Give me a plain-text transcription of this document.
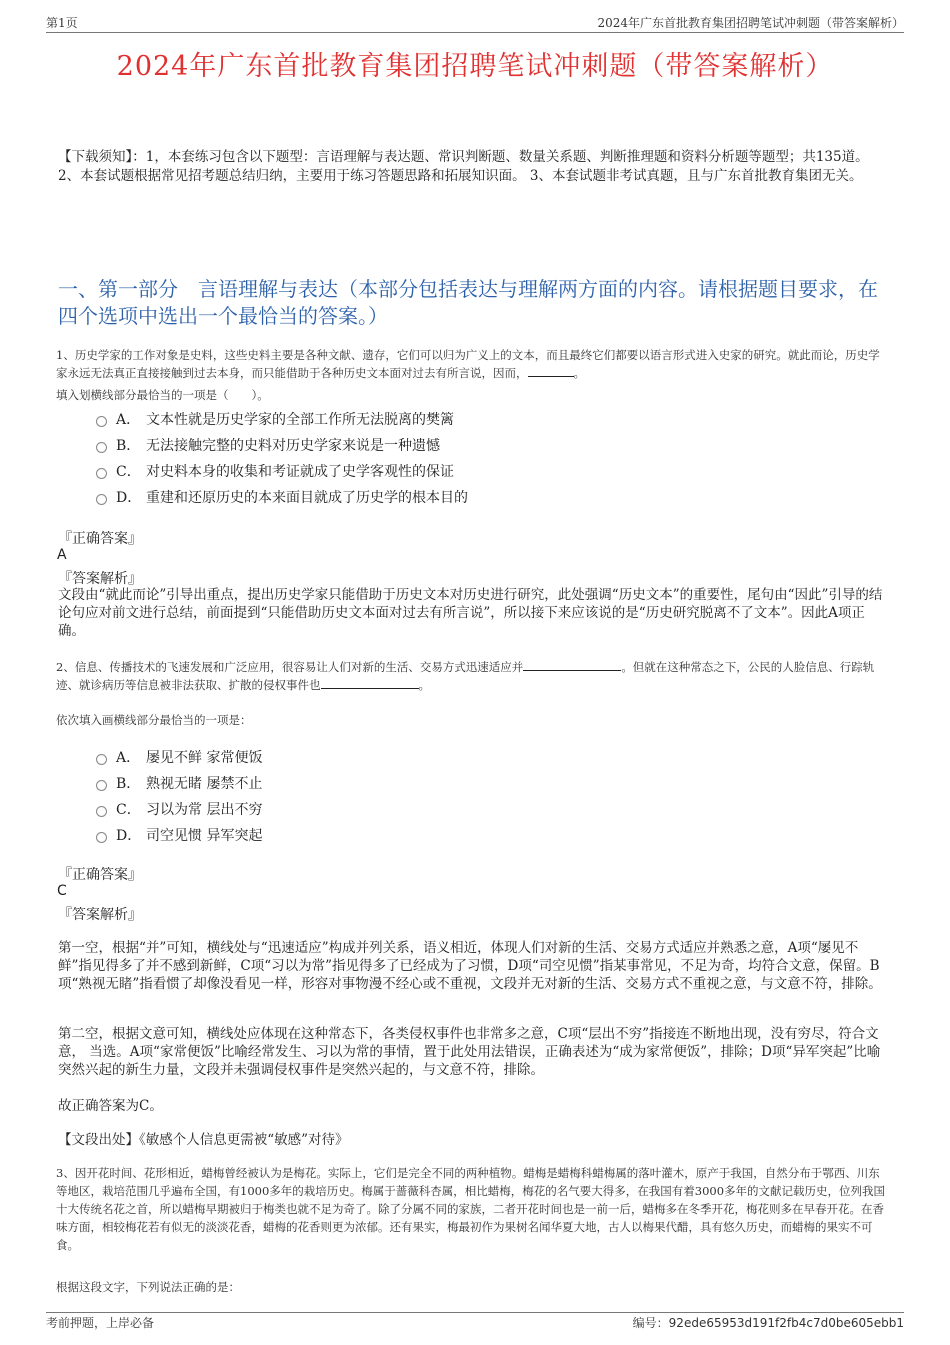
第1页	2024年广东首批教育集团招聘笔试冲刺题（带答案解析）
2024年广东首批教育集团招聘笔试冲刺题（带答案解析）
【下载须知】：1，本套练习包含以下题型：言语理解与表达题、常识判断题、数量关系题、判断推理题和资料分析题等题型；共135道。 2、本套试题根据常见招考题总结归纳，主要用于练习答题思路和拓展知识面。 3、本套试题非考试真题，且与广东首批教育集团无关。
一、第一部分　言语理解与表达（本部分包括表达与理解两方面的内容。请根据题目要求，在四个选项中选出一个最恰当的答案。）
1、历史学家的工作对象是史料，这些史料主要是各种文献、遗存，它们可以归为广义上的文本，而且最终它们都要以语言形式进入史家的研究。就此而论，历史学家永远无法真正直接接触到过去本身，而只能借助于各种历史文本面对过去有所言说，因而，	。
填入划横线部分最恰当的一项是（　　）。
A． 文本性就是历史学家的全部工作所无法脱离的樊篱
B． 无法接触完整的史料对历史学家来说是一种遗憾
C． 对史料本身的收集和考证就成了史学客观性的保证
D． 重建和还原历史的本来面目就成了历史学的根本目的
『正确答案』
A
『答案解析』
文段由“就此而论”引导出重点，提出历史学家只能借助于历史文本对历史进行研究，此处强调“历史文本”的重要性，尾句由“因此”引导的结论句应对前文进行总结，前面提到“只能借助历史文本面对过去有所言说”，所以接下来应该说的是“历史研究脱离不了文本”。因此A项正确。
2、信息、传播技术的飞速发展和广泛应用，很容易让人们对新的生活、交易方式迅速适应并	。但就在这种常态之下，公民的人脸信息、行踪轨迹、就诊病历等信息被非法获取、扩散的侵权事件也	。
依次填入画横线部分最恰当的一项是：
A． 屡见不鲜 家常便饭
B． 熟视无睹 屡禁不止
C． 习以为常 层出不穷
D． 司空见惯 异军突起
『正确答案』
C
『答案解析』
第一空，根据“并”可知，横线处与“迅速适应”构成并列关系，语义相近，体现人们对新的生活、交易方式适应并熟悉之意，A项“屡见不鲜”指见得多了并不感到新鲜，C项“习以为常”指见得多了已经成为了习惯，D项“司空见惯”指某事常见，不足为奇，均符合文意，保留。B项“熟视无睹”指看惯了却像没看见一样，形容对事物漫不经心或不重视，文段并无对新的生活、交易方式不重视之意，与文意不符，排除。
第二空，根据文意可知，横线处应体现在这种常态下，各类侵权事件也非常多之意，C项“层出不穷”指接连不断地出现，没有穷尽，符合文意， 当选。A项“家常便饭”比喻经常发生、习以为常的事情，置于此处用法错误，正确表述为“成为家常便饭”，排除；D项“异军突起”比喻突然兴起的新生力量，文段并未强调侵权事件是突然兴起的，与文意不符，排除。
故正确答案为C。
【文段出处】《敏感个人信息更需被“敏感”对待》
3、因开花时间、花形相近，蜡梅曾经被认为是梅花。实际上，它们是完全不同的两种植物。蜡梅是蜡梅科蜡梅属的落叶灌木，原产于我国，自然分布于鄂西、川东等地区，栽培范围几乎遍布全国，有1000多年的栽培历史。梅属于蔷薇科杏属，相比蜡梅，梅花的名气要大得多，在我国有着3000多年的文献记载历史，位列我国十大传统名花之首，所以蜡梅早期被归于梅类也就不足为奇了。除了分属不同的家族，二者开花时间也是一前一后，蜡梅多在冬季开花，梅花则多在早春开花。在香味方面，相较梅花若有似无的淡淡花香，蜡梅的花香则更为浓郁。还有果实，梅最初作为果树名闻华夏大地，古人以梅果代醋，具有悠久历史，而蜡梅的果实不可食。
根据这段文字，下列说法正确的是：
考前押题，上岸必备	编号：92ede65953d191f2fb4c7d0be605ebb1
